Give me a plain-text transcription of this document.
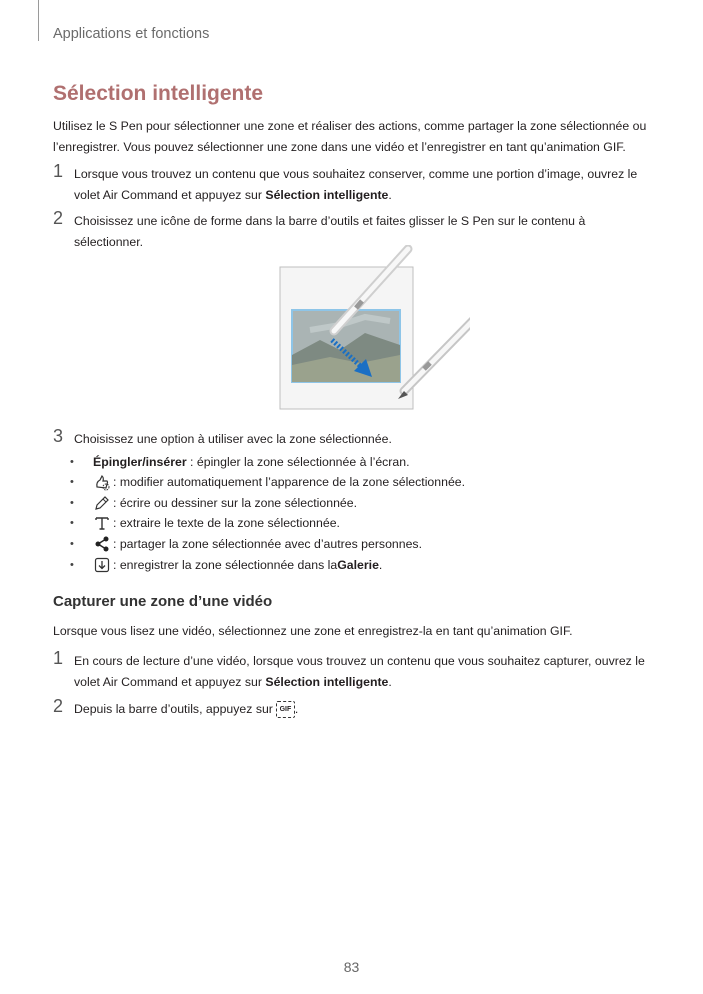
Applications et fonctions
Sélection intelligente
Utilisez le S Pen pour sélectionner une zone et réaliser des actions, comme partager la zone sélectionnée ou l’enregistrer. Vous pouvez sélectionner une zone dans une vidéo et l’enregistrer en tant qu’animation GIF.
1 Lorsque vous trouvez un contenu que vous souhaitez conserver, comme une portion d’image, ouvrez le volet Air Command et appuyez sur Sélection intelligente.
2 Choisissez une icône de forme dans la barre d’outils et faites glisser le S Pen sur le contenu à sélectionner.
3 Choisissez une option à utiliser avec la zone sélectionnée.
• Épingler/insérer : épingler la zone sélectionnée à l’écran.
•	: modifier automatiquement l’apparence de la zone sélectionnée.
•	: écrire ou dessiner sur la zone sélectionnée.
•	: extraire le texte de la zone sélectionnée.
•	: partager la zone sélectionnée avec d’autres personnes.
•	: enregistrer la zone sélectionnée dans la Galerie .
Capturer une zone d’une vidéo
Lorsque vous lisez une vidéo, sélectionnez une zone et enregistrez-la en tant qu’animation GIF.
1 En cours de lecture d’une vidéo, lorsque vous trouvez un contenu que vous souhaitez capturer, ouvrez le volet Air Command et appuyez sur Sélection intelligente.
2 Depuis la barre d’outils, appuyez sur GIF .
83
